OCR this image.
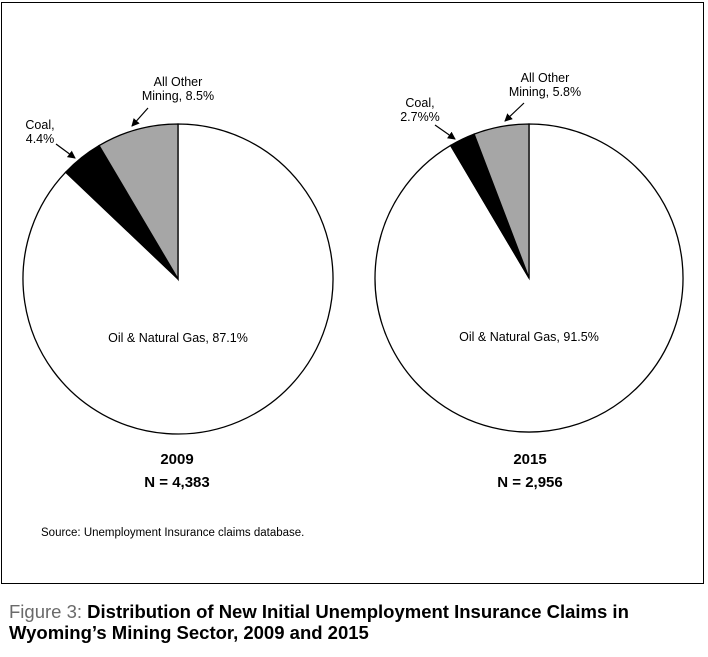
Oil & Natural Gas, 87.1%
Coal, 4.4%
All Other Mining, 8.5%
Oil & Natural Gas, 91.5%
Coal, 2.7%%
All Other Mining, 5.8%
2009
N = 4,383
2015
N = 2,956
Source: Unemployment Insurance claims database.
Figure 3: Distribution of New Initial Unemployment Insurance Claims in Wyoming’s Mining Sector, 2009 and 2015
